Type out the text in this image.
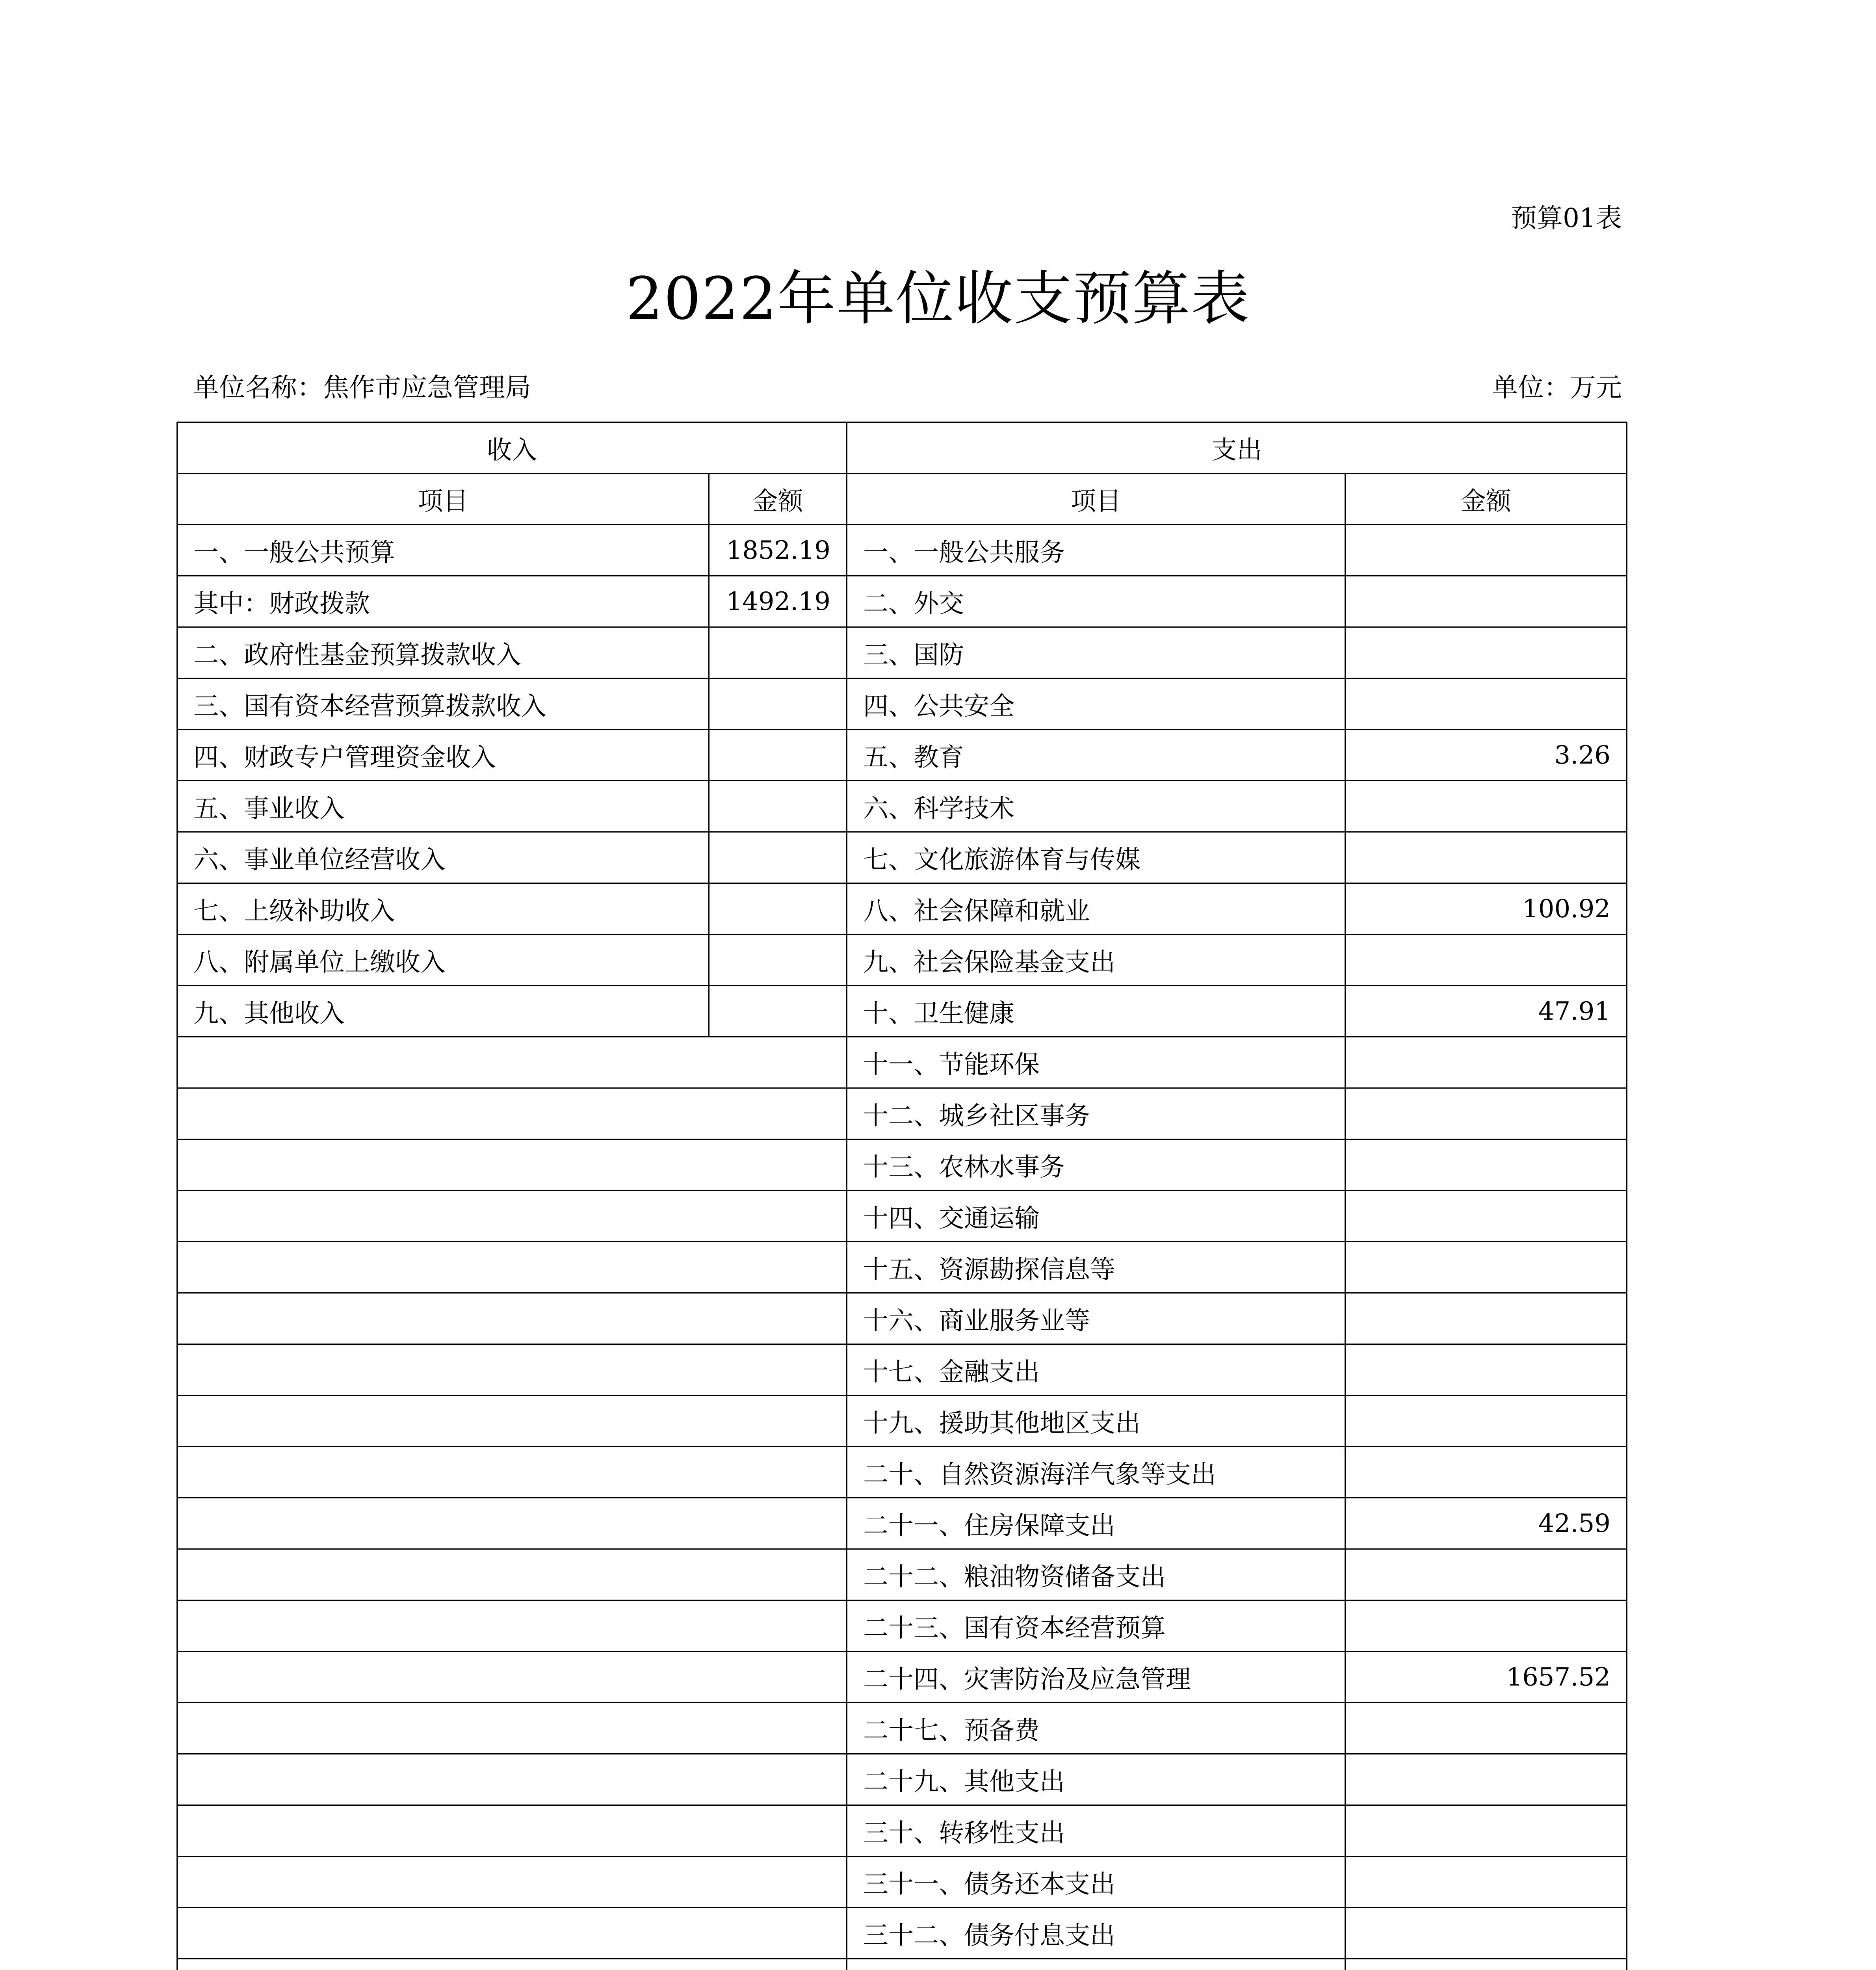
预算01表
2022年单位收支预算表
单位名称：焦作市应急管理局	单位：万元
收入		支出	
项目	金额	项目	金额
一、一般公共预算	1852.19	一、一般公共服务	
其中：财政拨款	1492.19	二、外交	
二、政府性基金预算拨款收入		三、国防	
三、国有资本经营预算拨款收入		四、公共安全	
四、财政专户管理资金收入		五、教育	3.26
五、事业收入		六、科学技术	
六、事业单位经营收入		七、文化旅游体育与传媒	
七、上级补助收入		八、社会保障和就业	100.92
八、附属单位上缴收入		九、社会保险基金支出	
九、其他收入		十、卫生健康	47.91
		十一、节能环保	
		十二、城乡社区事务	
		十三、农林水事务	
		十四、交通运输	
		十五、资源勘探信息等	
		十六、商业服务业等	
		十七、金融支出	
		十九、援助其他地区支出	
		二十、自然资源海洋气象等支出	
		二十一、住房保障支出	42.59
		二十二、粮油物资储备支出	
		二十三、国有资本经营预算	
		二十四、灾害防治及应急管理	1657.52
		二十七、预备费	
		二十九、其他支出	
		三十、转移性支出	
		三十一、债务还本支出	
		三十二、债务付息支出	
